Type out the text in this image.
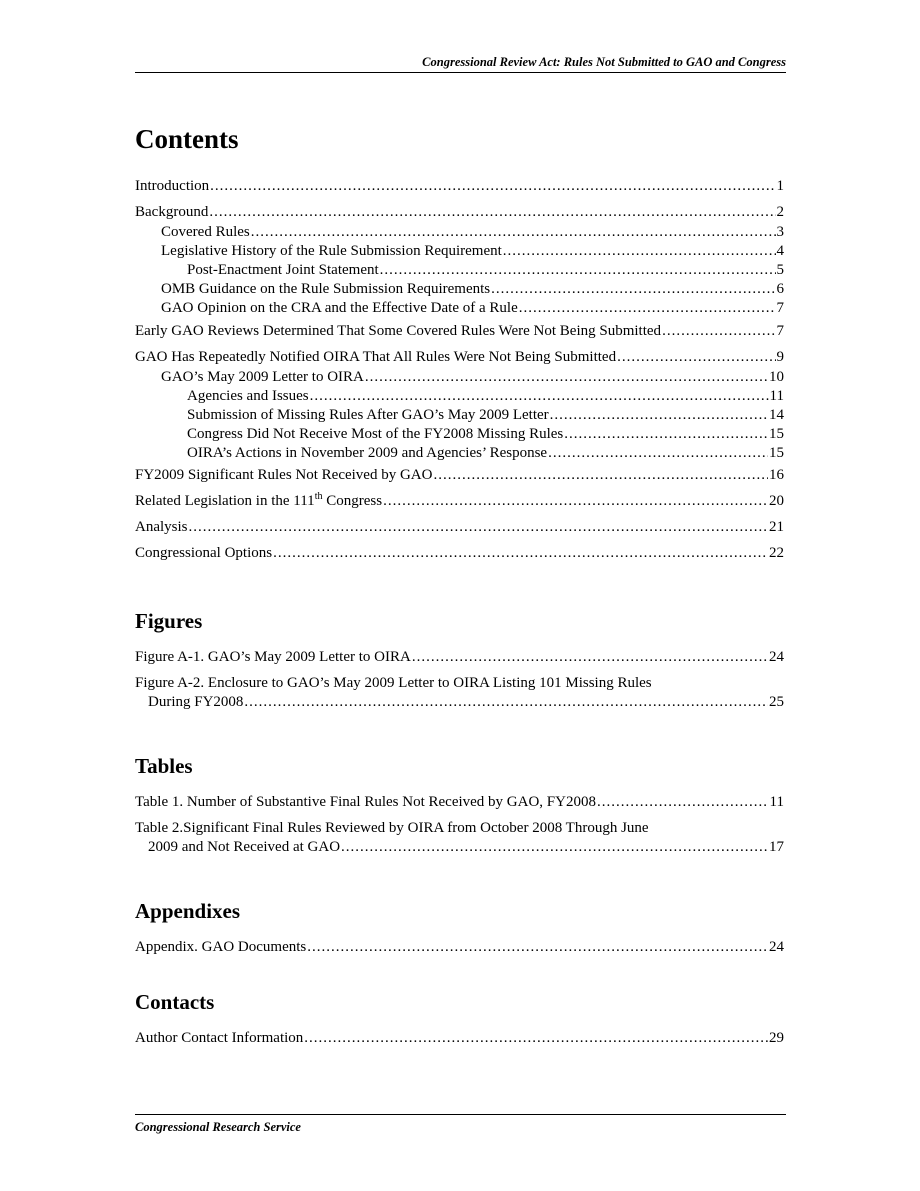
Congressional Review Act: Rules Not Submitted to GAO and Congress
Contents
Introduction .....	1
Background .....	2
Covered Rules .....	3
Legislative History of the Rule Submission Requirement .....	4
Post-Enactment Joint Statement .....	5
OMB Guidance on the Rule Submission Requirements .....	6
GAO Opinion on the CRA and the Effective Date of a Rule .....	7
Early GAO Reviews Determined That Some Covered Rules Were Not Being Submitted .....	7
GAO Has Repeatedly Notified OIRA That All Rules Were Not Being Submitted .....	9
GAO’s May 2009 Letter to OIRA .....	10
Agencies and Issues .....	11
Submission of Missing Rules After GAO’s May 2009 Letter .....	14
Congress Did Not Receive Most of the FY2008 Missing Rules .....	15
OIRA’s Actions in November 2009 and Agencies’ Response .....	15
FY2009 Significant Rules Not Received by GAO .....	16
Related Legislation in the 111th Congress .....	20
Analysis .....	21
Congressional Options .....	22
Figures
Figure A-1. GAO’s May 2009 Letter to OIRA .....	24
Figure A-2. Enclosure to GAO’s May 2009 Letter to OIRA Listing 101 Missing Rules
During FY2008 .....	25
Tables
Table 1. Number of Substantive Final Rules Not Received by GAO, FY2008 .....	11
Table 2.Significant Final Rules Reviewed by OIRA from October 2008 Through June
2009 and Not Received at GAO .....	17
Appendixes
Appendix. GAO Documents .....	24
Contacts
Author Contact Information .....	29
Congressional Research Service
